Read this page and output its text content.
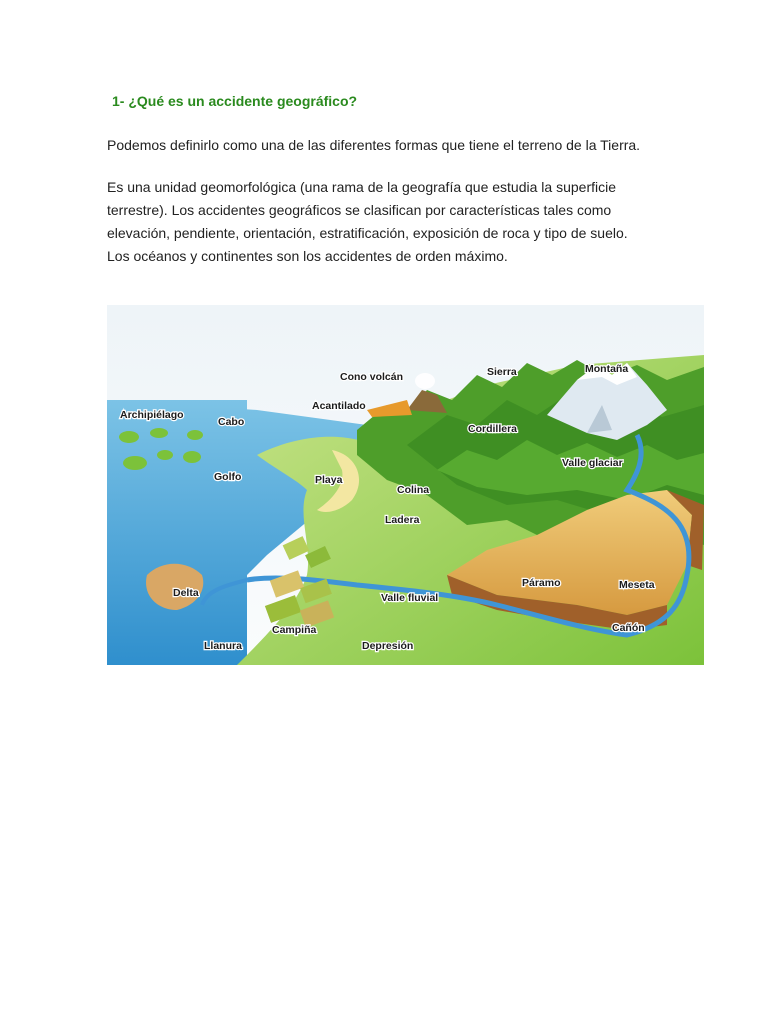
1- ¿Qué es un accidente geográfico?

Podemos definirlo como una de las diferentes formas que tiene el terreno de la Tierra.

Es una unidad geomorfológica (una rama de la geografía que estudia la superficie terrestre). Los accidentes geográficos se clasifican por características tales como elevación, pendiente, orientación, estratificación, exposición de roca y tipo de suelo. Los océanos y continentes son los accidentes de orden máximo.

Cono volcán	Sierra	Montaña
Archipiélago
Cabo
Acantilado
Cordillera
Valle glaciar
Golfo	Playa
Colina
Ladera
Páramo	Meseta
Delta	Valle fluvial
Cañón
Campiña
Llanura	Depresión
